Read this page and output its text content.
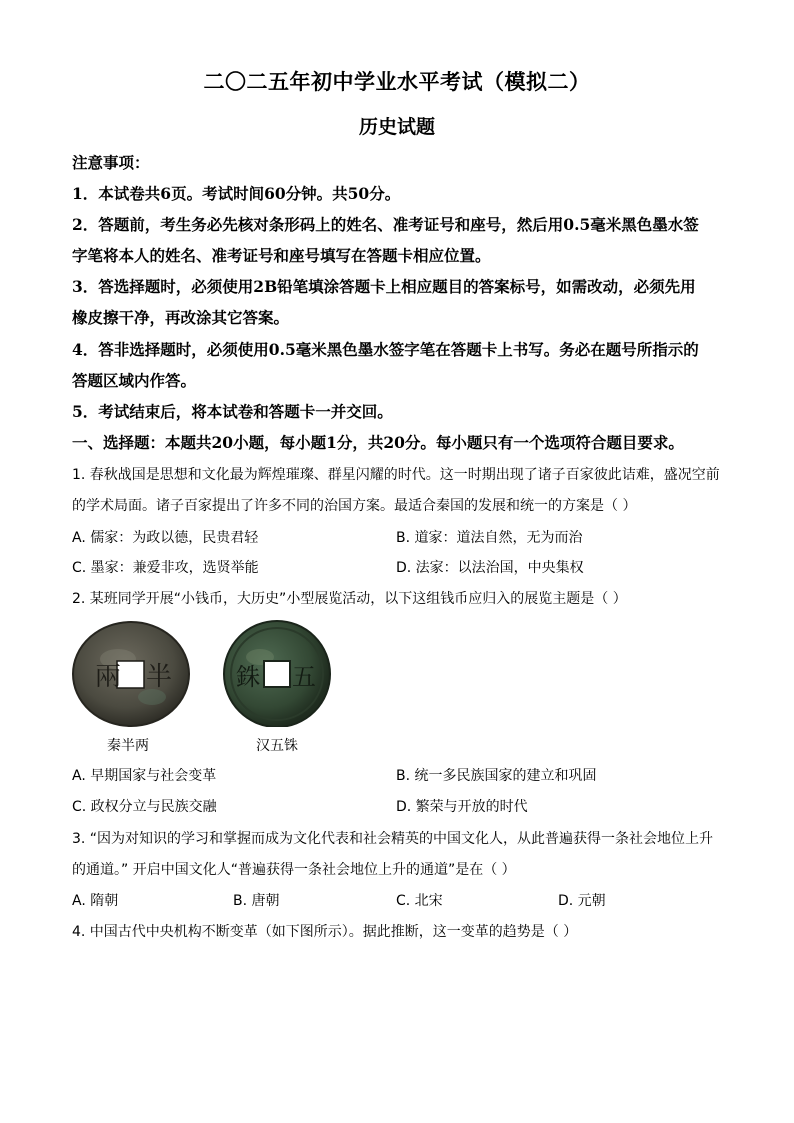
二〇二五年初中学业水平考试（模拟二）
历史试题
注意事项：
1．本试卷共6页。考试时间60分钟。共50分。
2．答题前，考生务必先核对条形码上的姓名、准考证号和座号，然后用0.5毫米黑色墨水签
字笔将本人的姓名、准考证号和座号填写在答题卡相应位置。
3．答选择题时，必须使用2B铅笔填涂答题卡上相应题目的答案标号，如需改动，必须先用
橡皮擦干净，再改涂其它答案。
4．答非选择题时，必须使用0.5毫米黑色墨水签字笔在答题卡上书写。务必在题号所指示的
答题区域内作答。
5．考试结束后，将本试卷和答题卡一并交回。
一、选择题：本题共20小题，每小题1分，共20分。每小题只有一个选项符合题目要求。
1. 春秋战国是思想和文化最为辉煌璀璨、群星闪耀的时代。这一时期出现了诸子百家彼此诘难，盛况空前
的学术局面。诸子百家提出了许多不同的治国方案。最适合秦国的发展和统一的方案是（ ）
A. 儒家：为政以德，民贵君轻	B. 道家：道法自然，无为而治
C. 墨家：兼爱非攻，选贤举能	D. 法家：以法治国，中央集权
2. 某班同学开展“小钱币，大历史”小型展览活动，以下这组钱币应归入的展览主题是（ ）
兩 半
秦半两
銖 五
汉五铢
A. 早期国家与社会变革	B. 统一多民族国家的建立和巩固
C. 政权分立与民族交融	D. 繁荣与开放的时代
3. “因为对知识的学习和掌握而成为文化代表和社会精英的中国文化人，从此普遍获得一条社会地位上升
的通道。” 开启中国文化人“普遍获得一条社会地位上升的通道”是在（ ）
A. 隋朝	B. 唐朝	C. 北宋	D. 元朝
4. 中国古代中央机构不断变革（如下图所示）。据此推断，这一变革的趋势是（ ）
